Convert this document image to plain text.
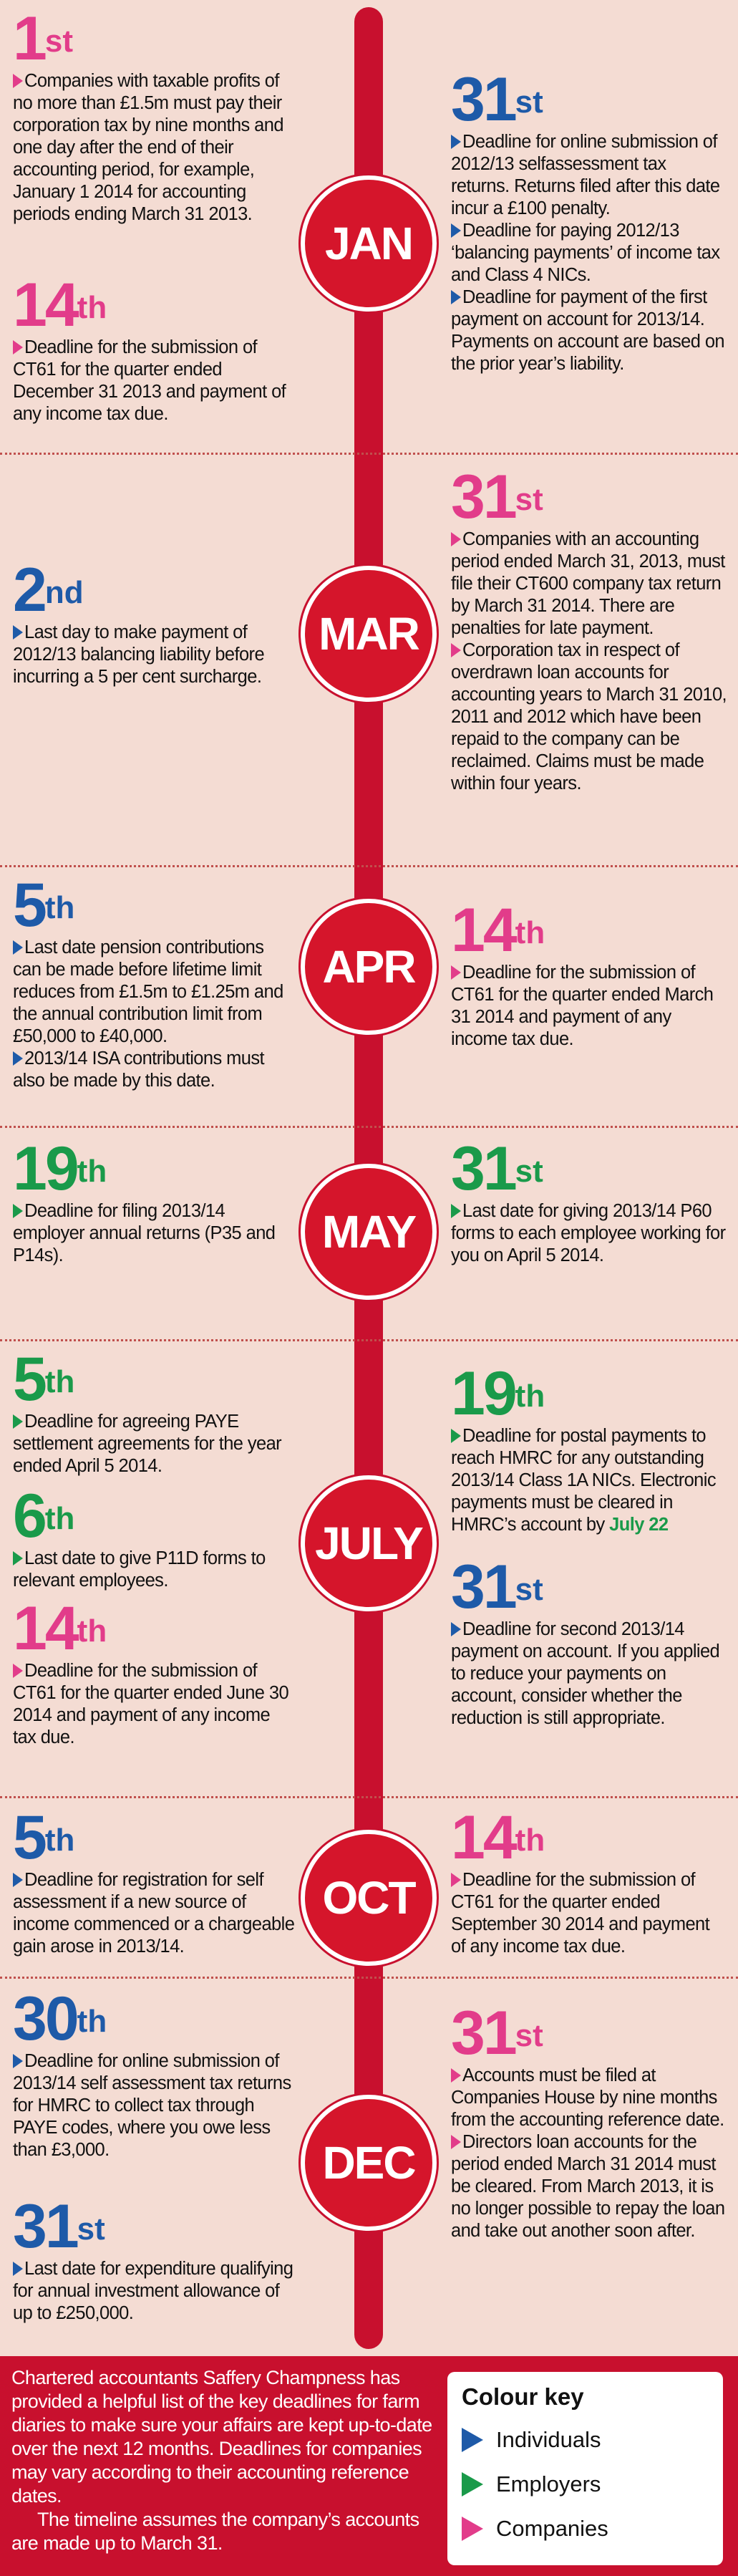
JAN
MAR
APR
MAY
JULY
OCT
DEC
1st
Companies with taxable profits of no more than £1.5m must pay their corporation tax by nine months and one day after the end of their accounting period, for example, January 1 2014 for accounting periods ending March 31 2013.
14th
Deadline for the submission of CT61 for the quarter ended December 31 2013 and payment of any income tax due.
31st
Deadline for online submission of 2012/13 selfassessment tax returns. Returns filed after this date incur a £100 penalty.
Deadline for paying 2012/13 ‘balancing payments’ of income tax and Class 4 NICs.
Deadline for payment of the first payment on account for 2013/14. Payments on account are based on the prior year’s liability.
2nd
Last day to make payment of 2012/13 balancing liability before incurring a 5 per cent surcharge.
31st
Companies with an accounting period ended March 31, 2013, must file their CT600 company tax return by March 31 2014. There are penalties for late payment.
Corporation tax in respect of overdrawn loan accounts for accounting years to March 31 2010, 2011 and 2012 which have been repaid to the company can be reclaimed. Claims must be made within four years.
5th
Last date pension contributions can be made before lifetime limit reduces from £1.5m to £1.25m and the annual contribution limit from £50,000 to £40,000.
2013/14 ISA contributions must also be made by this date.
14th
Deadline for the submission of CT61 for the quarter ended March 31 2014 and payment of any income tax due.
19th
Deadline for filing 2013/14 employer annual returns (P35 and P14s).
31st
Last date for giving 2013/14 P60 forms to each employee working for you on April 5 2014.
5th
Deadline for agreeing PAYE settlement agreements for the year ended April 5 2014.
6th
Last date to give P11D forms to relevant employees.
14th
Deadline for the submission of CT61 for the quarter ended June 30 2014 and payment of any income tax due.
19th
Deadline for postal payments to reach HMRC for any outstanding 2013/14 Class 1A NICs. Electronic payments must be cleared in HMRC’s account by July 22
31st
Deadline for second 2013/14 payment on account. If you applied to reduce your payments on account, consider whether the reduction is still appropriate.
5th
Deadline for registration for self assessment if a new source of income commenced or a chargeable gain arose in 2013/14.
14th
Deadline for the submission of CT61 for the quarter ended September 30 2014 and payment of any income tax due.
30th
Deadline for online submission of 2013/14 self assessment tax returns for HMRC to collect tax through PAYE codes, where you owe less than £3,000.
31st
Last date for expenditure qualifying for annual investment allowance of up to £250,000.
31st
Accounts must be filed at Companies House by nine months from the accounting reference date.
Directors loan accounts for the period ended March 31 2014 must be cleared. From March 2013, it is no longer possible to repay the loan and take out another soon after.

Chartered accountants Saffery Champness has provided a helpful list of the key deadlines for farm diaries to make sure your affairs are kept up-to-date over the next 12 months. Deadlines for companies may vary according to their accounting reference dates.

The timeline assumes the company’s accounts are made up to March 31.

Colour key
Individuals
Employers
Companies
